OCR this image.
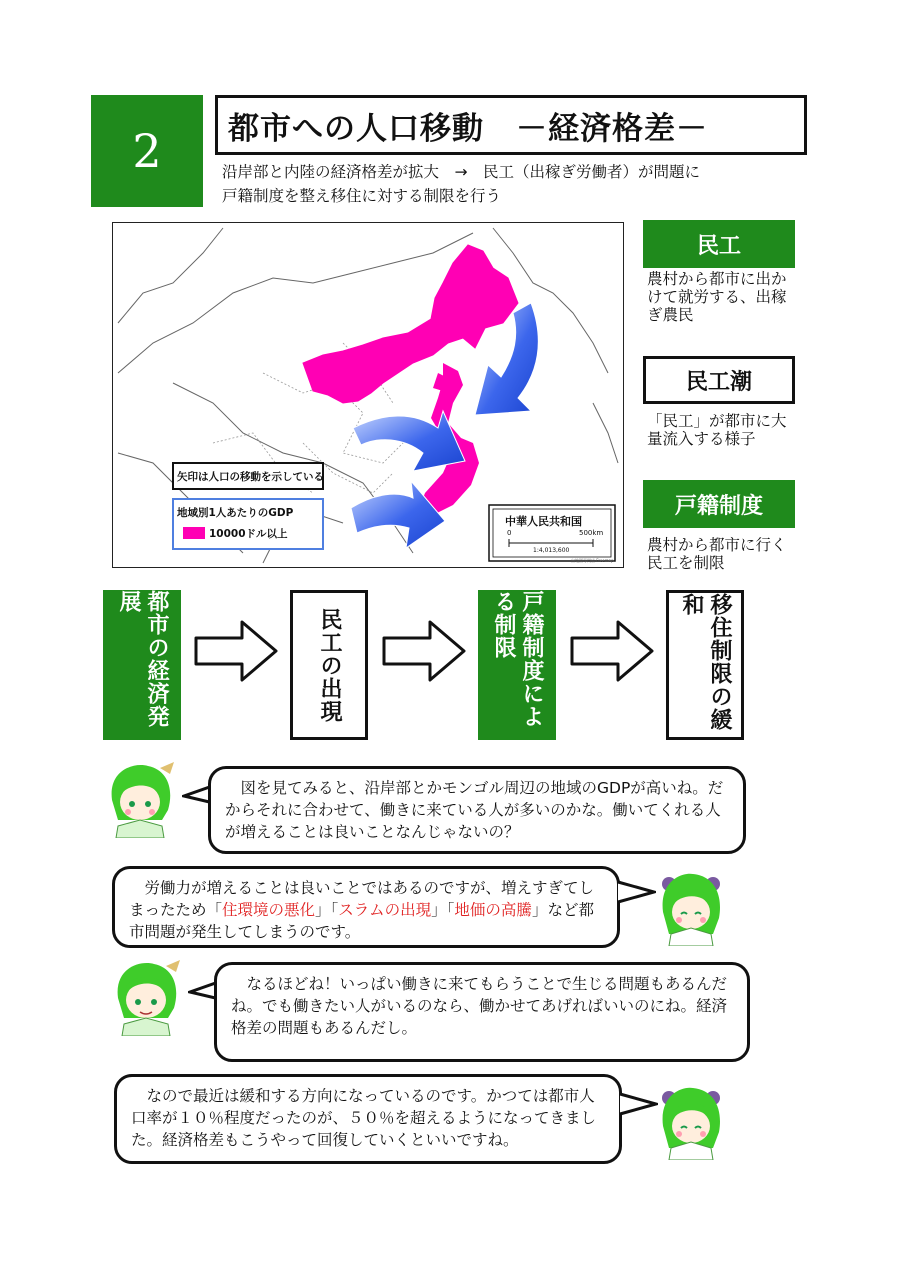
2	都市への人口移動　－経済格差－
沿岸部と内陸の経済格差が拡大　→　民工（出稼ぎ労働者）が問題に
戸籍制度を整え移住に対する制限を行う
矢印は人口の移動を示している
地域別1人あたりのGDP
10000ドル以上
中華人民共和国
0	500km
1:4,013,600
白地図専門店 Freemap
民工
農村から都市に出かけて就労する、出稼ぎ農民
民工潮
「民工」が都市に大量流入する様子
戸籍制度
農村から都市に行く民工を制限
都市の経済発展
民工の出現	戸籍制度による制限	移住制限の緩和
　図を見てみると、沿岸部とかモンゴル周辺の地域のGDPが高いね。だからそれに合わせて、働きに来ている人が多いのかな。働いてくれる人が増えることは良いことなんじゃないの？
　労働力が増えることは良いことではあるのですが、増えすぎてしまったため「住環境の悪化」「スラムの出現」「地価の高騰」など都市問題が発生してしまうのです。
　なるほどね！いっぱい働きに来てもらうことで生じる問題もあるんだね。でも働きたい人がいるのなら、働かせてあげればいいのにね。経済格差の問題もあるんだし。
　なので最近は緩和する方向になっているのです。かつては都市人口率が１０％程度だったのが、５０％を超えるようになってきました。経済格差もこうやって回復していくといいですね。
